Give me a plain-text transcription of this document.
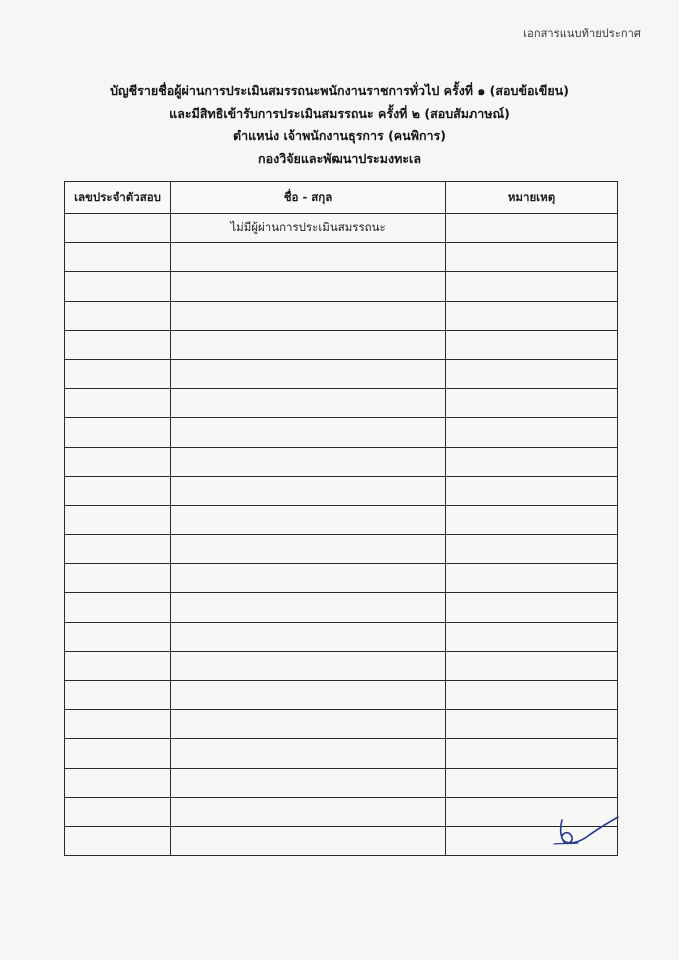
เอกสารแนบท้ายประกาศ
บัญชีรายชื่อผู้ผ่านการประเมินสมรรถนะพนักงานราชการทั่วไป ครั้งที่ ๑ (สอบข้อเขียน)
และมีสิทธิเข้ารับการประเมินสมรรถนะ ครั้งที่ ๒ (สอบสัมภาษณ์)
ตำแหน่ง เจ้าพนักงานธุรการ (คนพิการ)
กองวิจัยและพัฒนาประมงทะเล
เลขประจำตัวสอบ	ชื่อ - สกุล	หมายเหตุ
	ไม่มีผู้ผ่านการประเมินสมรรถนะ	
